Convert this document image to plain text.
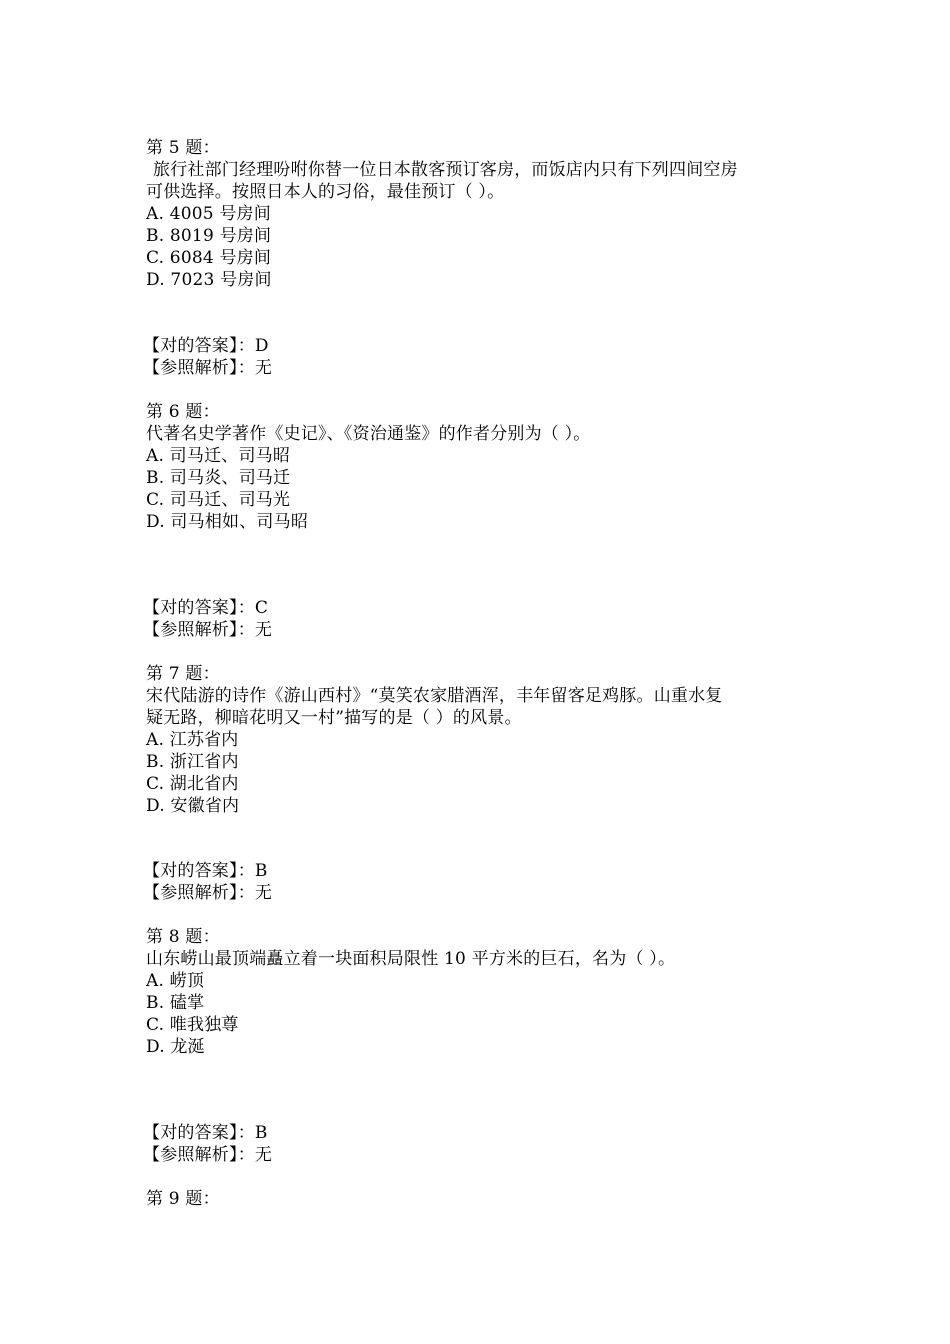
第 5 题：
旅行社部门经理吩咐你替一位日本散客预订客房，而饭店内只有下列四间空房
可供选择。按照日本人的习俗，最佳预订（ ）。
A. 4005 号房间
B. 8019 号房间
C. 6084 号房间
D. 7023 号房间
【对的答案】：D
【参照解析】：无
第 6 题：
代著名史学著作《史记》、《资治通鉴》的作者分别为（ ）。
A. 司马迁、司马昭
B. 司马炎、司马迁
C. 司马迁、司马光
D. 司马相如、司马昭
【对的答案】：C
【参照解析】：无
第 7 题：
宋代陆游的诗作《游山西村》“莫笑农家腊酒浑，丰年留客足鸡豚。山重水复
疑无路，柳暗花明又一村”描写的是（ ）的风景。
A. 江苏省内
B. 浙江省内
C. 湖北省内
D. 安徽省内
【对的答案】：B
【参照解析】：无
第 8 题：
山东崂山最顶端矗立着一块面积局限性 10 平方米的巨石，名为（ ）。
A. 崂顶
B. 磕掌
C. 唯我独尊
D. 龙涎
【对的答案】：B
【参照解析】：无
第 9 题：
